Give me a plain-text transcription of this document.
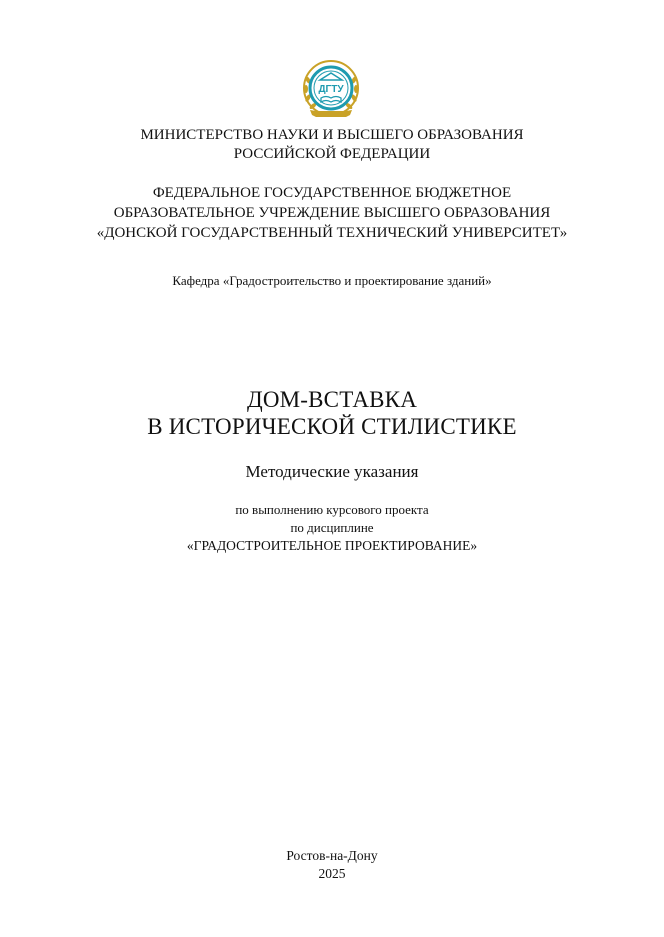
ДГТУ
МИНИСТЕРСТВО НАУКИ И ВЫСШЕГО ОБРАЗОВАНИЯ
РОССИЙСКОЙ ФЕДЕРАЦИИ
ФЕДЕРАЛЬНОЕ ГОСУДАРСТВЕННОЕ БЮДЖЕТНОЕ
ОБРАЗОВАТЕЛЬНОЕ УЧРЕЖДЕНИЕ ВЫСШЕГО ОБРАЗОВАНИЯ
«ДОНСКОЙ ГОСУДАРСТВЕННЫЙ ТЕХНИЧЕСКИЙ УНИВЕРСИТЕТ»
Кафедра «Градостроительство и проектирование зданий»
ДОМ-ВСТАВКА
В ИСТОРИЧЕСКОЙ СТИЛИСТИКЕ
Методические указания
по выполнению курсового проекта
по дисциплине
«ГРАДОСТРОИТЕЛЬНОЕ ПРОЕКТИРОВАНИЕ»
Ростов-на-Дону
2025
